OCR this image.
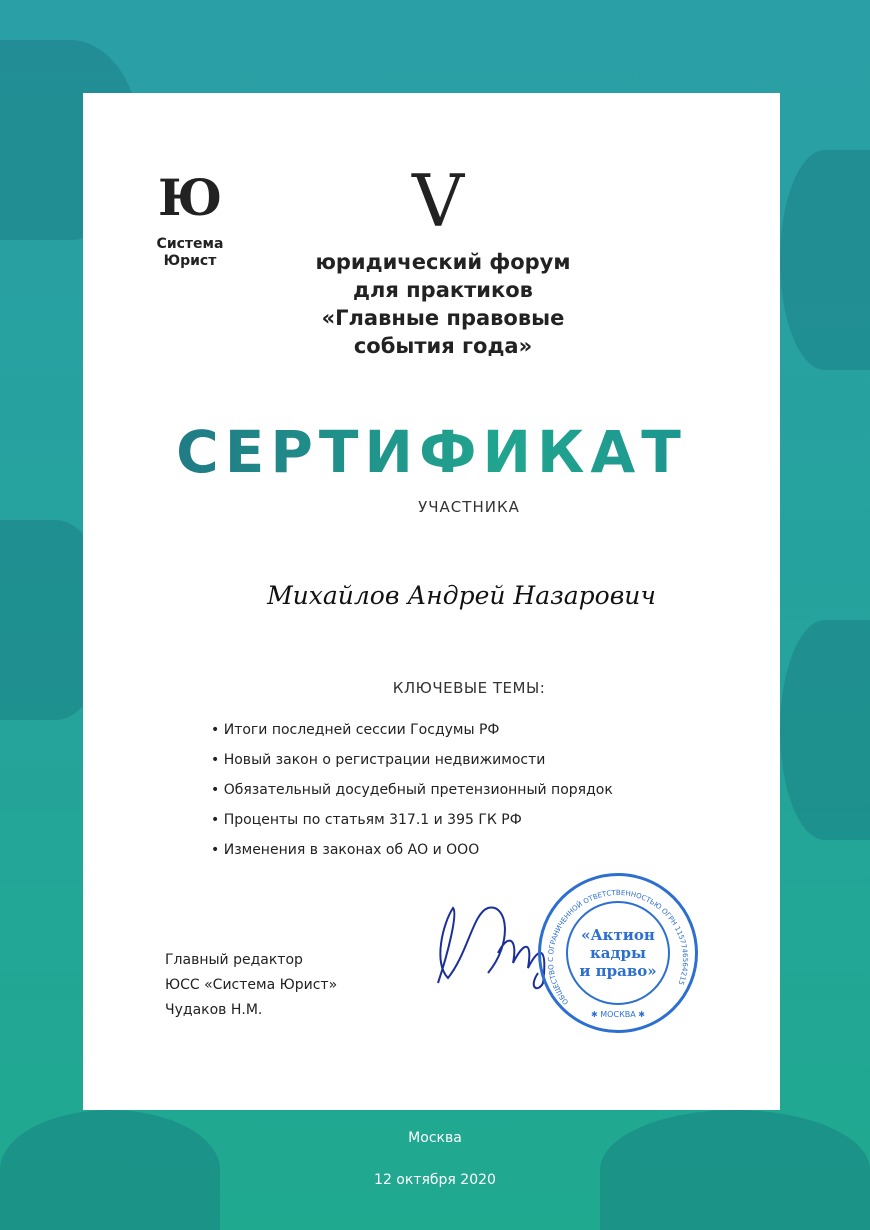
Ю
Система
Юрист
V
юридический форум
для практиков
«Главные правовые
события года»
СЕРТИФИКАТ
УЧАСТНИКА
Михайлов Андрей Назарович
КЛЮЧЕВЫЕ ТЕМЫ:
• Итоги последней сессии Госдумы РФ
• Новый закон о регистрации недвижимости
• Обязательный досудебный претензионный порядок
• Проценты по статьям 317.1 и 395 ГК РФ
• Изменения в законах об АО и ООО
Главный редактор
ЮСС «Система Юрист»
Чудаков Н.М.
ОБЩЕСТВО С ОГРАНИЧЕННОЙ ОТВЕТСТВЕННОСТЬЮ ОГРН 1157746564215
«Актион
кадры
и право»
✱ МОСКВА ✱
Москва
12 октября 2020
